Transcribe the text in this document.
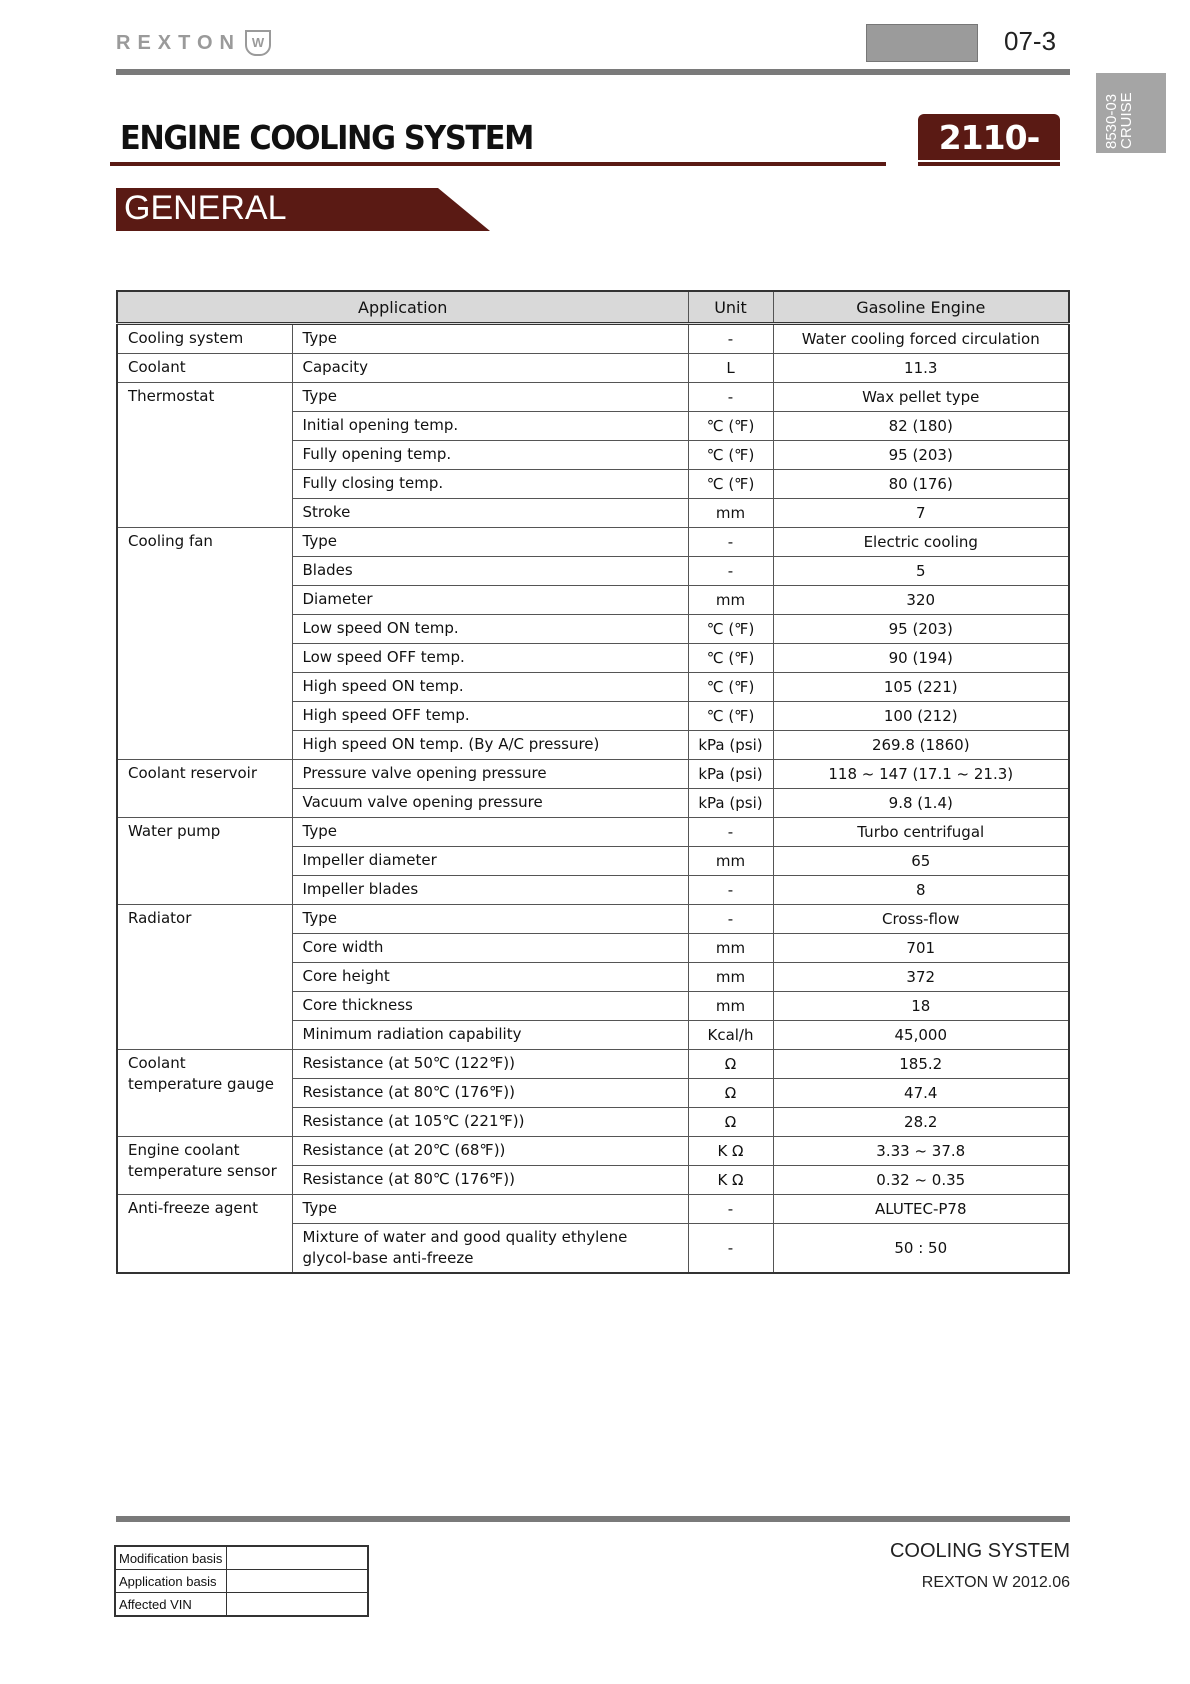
REXTON W	07-3
8530-03
CRUISE
ENGINE COOLING SYSTEM	2110-01
GENERAL
Application		Unit	Gasoline Engine
Cooling system	Type	-	Water cooling forced circulation
Coolant	Capacity	L	11.3
Thermostat	Type	-	Wax pellet type
	Initial opening temp.	℃ (℉)	82 (180)
	Fully opening temp.	℃ (℉)	95 (203)
	Fully closing temp.	℃ (℉)	80 (176)
	Stroke	mm	7
Cooling fan	Type	-	Electric cooling
	Blades	-	5
	Diameter	mm	320
	Low speed ON temp.	℃ (℉)	95 (203)
	Low speed OFF temp.	℃ (℉)	90 (194)
	High speed ON temp.	℃ (℉)	105 (221)
	High speed OFF temp.	℃ (℉)	100 (212)
	High speed ON temp. (By A/C pressure)	kPa (psi)	269.8 (1860)
Coolant reservoir	Pressure valve opening pressure	kPa (psi)	118 ~ 147 (17.1 ~ 21.3)
	Vacuum valve opening pressure	kPa (psi)	9.8 (1.4)
Water pump	Type	-	Turbo centrifugal
	Impeller diameter	mm	65
	Impeller blades	-	8
Radiator	Type	-	Cross-flow
	Core width	mm	701
	Core height	mm	372
	Core thickness	mm	18
	Minimum radiation capability	Kcal/h	45,000
Coolant temperature gauge	Resistance (at 50℃ (122℉))	Ω	185.2
	Resistance (at 80℃ (176℉))	Ω	47.4
	Resistance (at 105℃ (221℉))	Ω	28.2
Engine coolant temperature sensor	Resistance (at 20℃ (68℉))	K Ω	3.33 ~ 37.8
	Resistance (at 80℃ (176℉))	K Ω	0.32 ~ 0.35
Anti-freeze agent	Type	-	ALUTEC-P78
	Mixture of water and good quality ethylene glycol-base anti-freeze	-	50 : 50
Modification basis	
Application basis	
Affected VIN	
COOLING SYSTEM
REXTON W 2012.06
